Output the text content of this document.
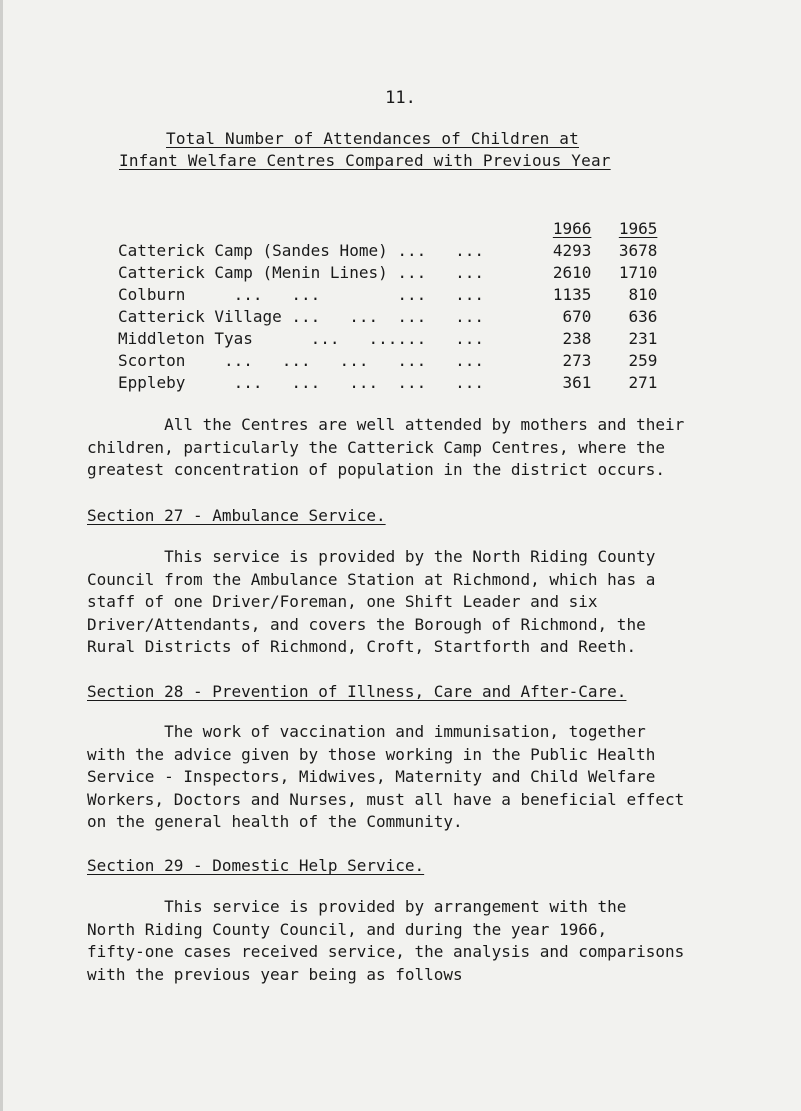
11.
Total Number of Attendances of Children at
Infant Welfare Centres Compared with Previous Year
		1966	1965
Catterick Camp (Sandes Home)	...   ...	4293	3678
Catterick Camp (Menin Lines)	...   ...	2610	1710
Colburn     ...   ...	...   ...	1135	810
Catterick Village ...   ...	...   ...	670	636
Middleton Tyas      ...   ...	...   ...	238	231
Scorton    ...   ...   ...	...   ...	273	259
Eppleby     ...   ...   ...	...   ...	361	271

All the Centres are well attended by mothers and their

children, particularly the Catterick Camp Centres, where the

greatest concentration of population in the district occurs.

Section 27 - Ambulance Service.

This service is provided by the North Riding County

Council from the Ambulance Station at Richmond, which has a

staff of one Driver/Foreman, one Shift Leader and six

Driver/Attendants, and covers the Borough of Richmond, the

Rural Districts of Richmond, Croft, Startforth and Reeth.

Section 28 - Prevention of Illness, Care and After-Care.

The work of vaccination and immunisation, together

with the advice given by those working in the Public Health

Service - Inspectors, Midwives, Maternity and Child Welfare

Workers, Doctors and Nurses, must all have a beneficial effect

on the general health of the Community.

Section 29 - Domestic Help Service.

This service is provided by arrangement with the

North Riding County Council, and during the year 1966,

fifty-one cases received service, the analysis and comparisons

with the previous year being as follows
